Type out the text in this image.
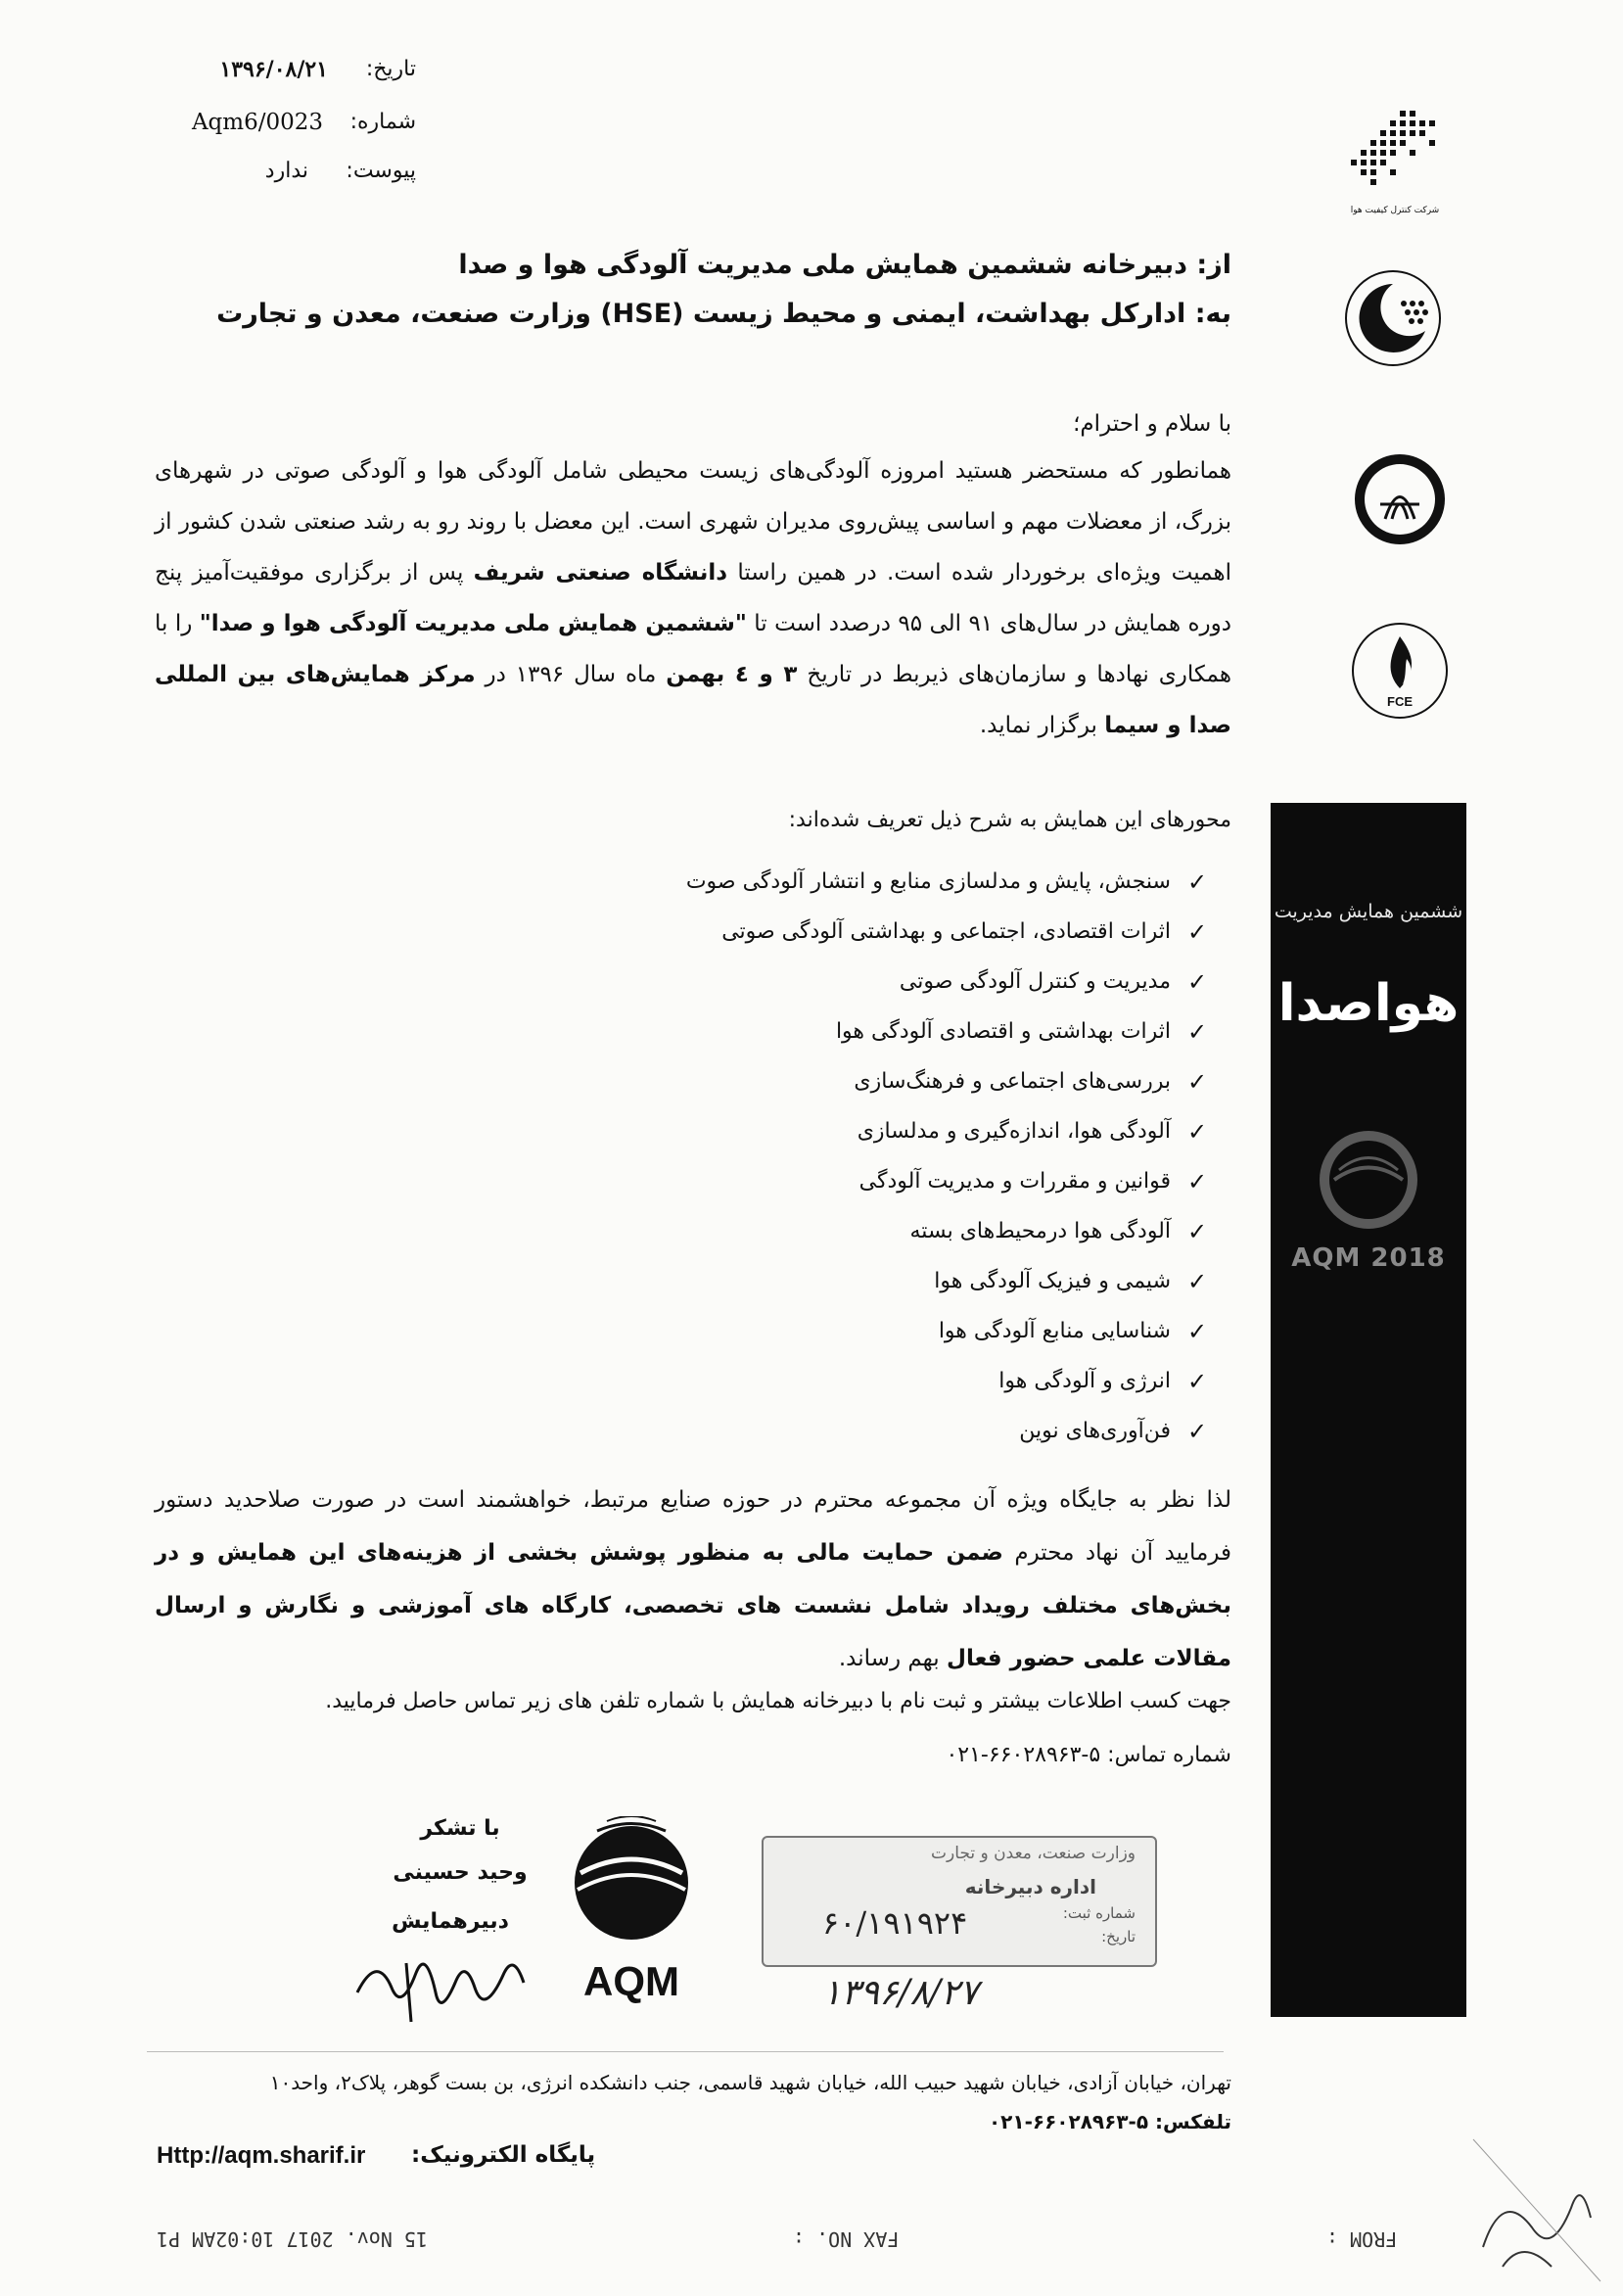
تاریخ:
۱۳۹۶/۰۸/۲۱
شماره:
Aqm6/0023
پیوست:
ندارد
شرکت کنترل کیفیت هوا
FCE
از: دبیرخانه ششمین همایش ملی مدیریت آلودگی هوا و صدا
به: ادارکل بهداشت، ایمنی و محیط زیست (HSE) وزارت صنعت، معدن و تجارت
با سلام و احترام؛
همانطور که مستحضر هستید امروزه آلودگی‌های زیست محیطی شامل آلودگی هوا و آلودگی صوتی در شهرهای بزرگ، از معضلات مهم و اساسی پیش‌روی مدیران شهری است. این معضل با روند رو به رشد صنعتی شدن کشور از اهمیت ویژه‌ای برخوردار شده است. در همین راستا دانشگاه صنعتی شریف پس از برگزاری موفقیت‌آمیز پنج دوره همایش در سال‌های ۹۱ الی ۹۵ درصدد است تا "ششمین همایش ملی مدیریت آلودگی هوا و صدا" را با همکاری نهادها و سازمان‌های ذیربط در تاریخ ۳ و ٤ بهمن ماه سال ۱۳۹۶ در مرکز همایش‌های بین المللی صدا و سیما برگزار نماید.
محورهای این همایش به شرح ذیل تعریف شده‌اند:
✓
سنجش، پایش و مدلسازی منابع و انتشار آلودگی صوت
✓
اثرات اقتصادی، اجتماعی و بهداشتی آلودگی صوتی
✓
مدیریت و کنترل آلودگی صوتی
✓
اثرات بهداشتی و اقتصادی آلودگی هوا
✓
بررسی‌های اجتماعی و فرهنگ‌سازی
✓
آلودگی هوا، اندازه‌گیری و مدلسازی
✓
قوانین و مقررات و مدیریت آلودگی
✓
آلودگی هوا درمحیط‌های بسته
✓
شیمی و فیزیک آلودگی هوا
✓
شناسایی منابع آلودگی هوا
✓
انرژی و آلودگی هوا
✓
فن‌آوری‌های نوین
لذا نظر به جایگاه ویژه آن مجموعه محترم در حوزه صنایع مرتبط، خواهشمند است در صورت صلاحدید دستور فرمایید آن نهاد محترم ضمن حمایت مالی به منظور پوشش بخشی از هزینه‌های این همایش و در بخش‌های مختلف رویداد شامل نشست های تخصصی، کارگاه های آموزشی و نگارش و ارسال مقالات علمی حضور فعال بهم رساند.
جهت کسب اطلاعات بیشتر و ثبت نام با دبیرخانه همایش با شماره تلفن های زیر تماس حاصل فرمایید.
شماره تماس: ۵-۶۶۰۲۸۹۶۳-۰۲۱
ششمین همایش مدیریت
هواصدا
AQM 2018
با تشکر
وحید حسینی
دبیرهمایش
AQM
وزارت صنعت، معدن و تجارت
اداره دبیرخانه
شماره ثبت:
تاریخ:
۶۰/۱۹۱۹۲۴
۱۳۹۶/۸/۲۷
تهران، خیابان آزادی، خیابان شهید حبیب الله، خیابان شهید قاسمی، جنب دانشکده انرژی، بن بست گوهر، پلاک۲، واحد۱۰
تلفکس: ۵-۶۶۰۲۸۹۶۳-۰۲۱
پایگاه الکترونیک:
Http://aqm.sharif.ir
FROM :
FAX NO. :
15 Nov. 2017 10:02AM P1
